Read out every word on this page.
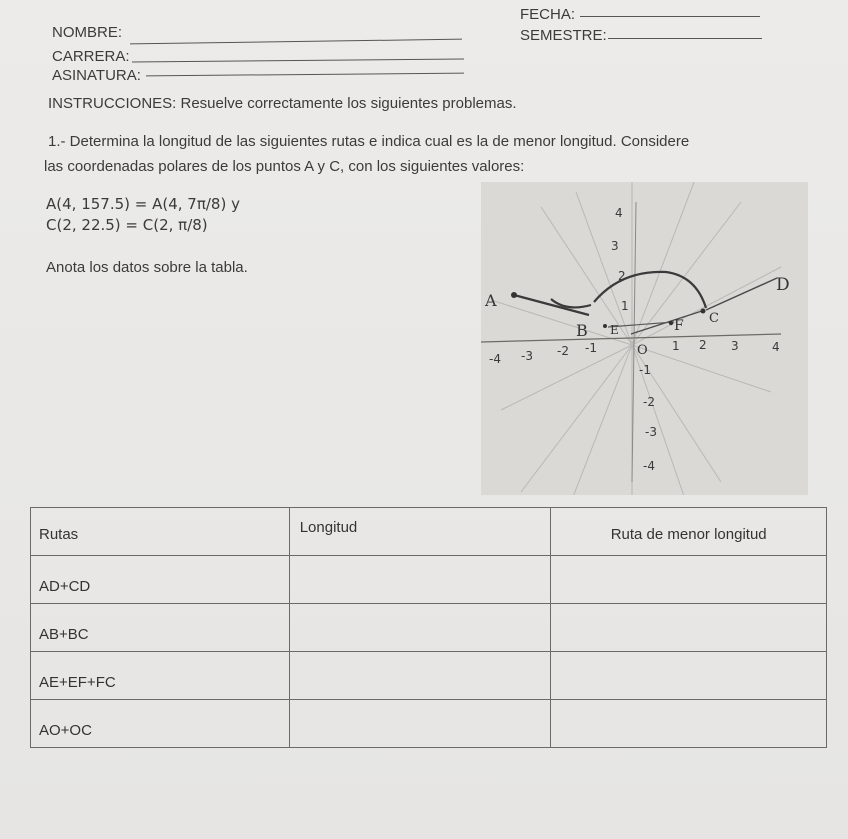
NOMBRE:
CARRERA:
ASINATURA:
FECHA:
SEMESTRE:
INSTRUCCIONES: Resuelve correctamente los siguientes problemas.
1.- Determina la longitud de las siguientes rutas e indica cual es la de menor longitud. Considere
las coordenadas polares de los puntos A y C, con los siguientes valores:
A(4, 157.5) = A(4, 7π/8) y
C(2, 22.5) = C(2, π/8)
Anota los datos sobre la tabla.
A
B E	F C
D
O
-4 -3 -2 -1	1 2 3	4
4
3
2
1
-1
-2
-3
-4
Rutas	Longitud	Ruta de menor longitud
AD+CD		
AB+BC		
AE+EF+FC		
AO+OC		
